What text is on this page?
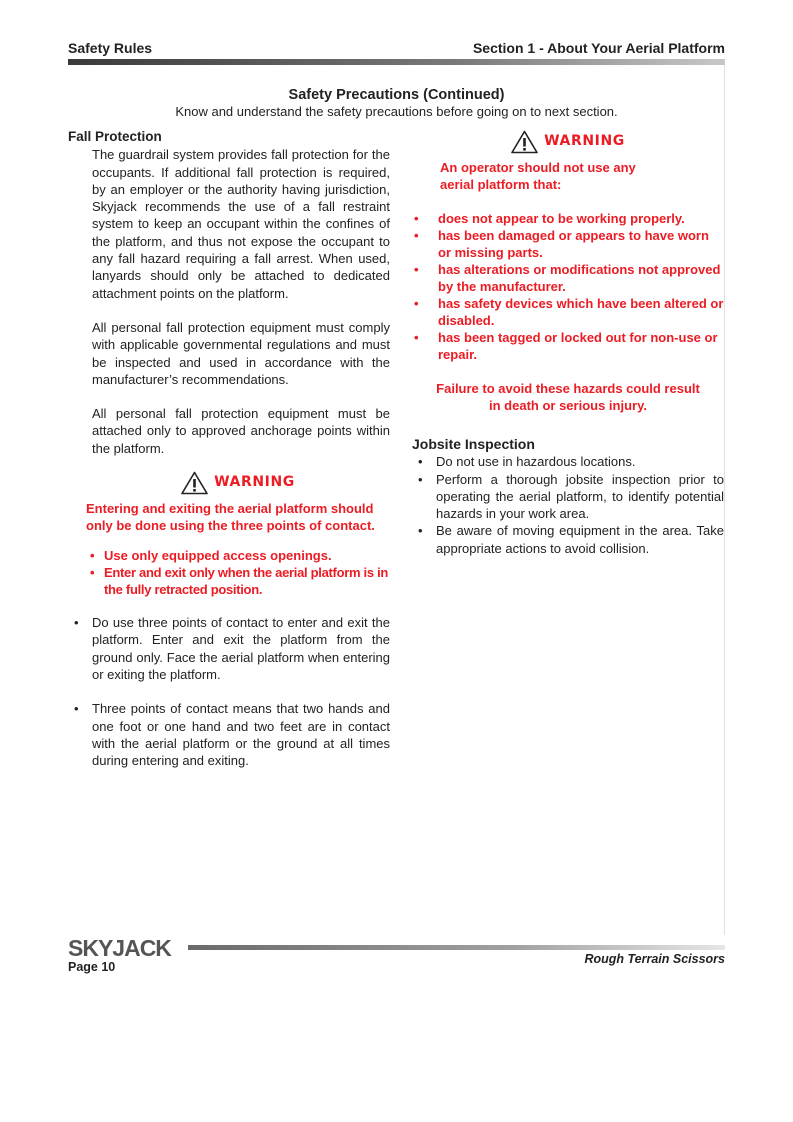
Safety Rules	Section 1 - About Your Aerial Platform
Safety Precautions (Continued)
Know and understand the safety precautions before going on to next section.

Fall Protection

The guardrail system provides fall protection for the occupants. If additional fall protection is required, by an employer or the authority having jurisdiction, Skyjack recommends the use of a fall restraint system to keep an occupant within the confines of the platform, and thus not expose the occupant to any fall hazard requiring a fall arrest. When used, lanyards should only be attached to dedicated attachment points on the platform.

All personal fall protection equipment must comply with applicable governmental regulations and must be inspected and used in accordance with the manufacturer’s recommendations.

All personal fall protection equipment must be attached only to approved anchorage points within the platform.

WARNING
Entering and exiting the aerial platform should only be done using the three points of contact.
• Use only equipped access openings.
• Enter and exit only when the aerial platform is in the fully retracted position.
• Do use three points of contact to enter and exit the platform. Enter and exit the platform from the ground only. Face the aerial platform when entering or exiting the platform.
• Three points of contact means that two hands and one foot or one hand and two feet are in contact with the aerial platform or the ground at all times during entering and exiting.
WARNING
An operator should not use any aerial platform that:
• does not appear to be working properly.
• has been damaged or appears to have worn or missing parts.
• has alterations or modifications not approved by the manufacturer.
• has safety devices which have been altered or disabled.
• has been tagged or locked out for non-use or repair.
Failure to avoid these hazards could result in death or serious injury.

Jobsite Inspection

• Do not use in hazardous locations.
• Perform a thorough jobsite inspection prior to operating the aerial platform, to identify potential hazards in your work area.
• Be aware of moving equipment in the area. Take appropriate actions to avoid collision.
SKYJACK
Page 10
Rough Terrain Scissors
